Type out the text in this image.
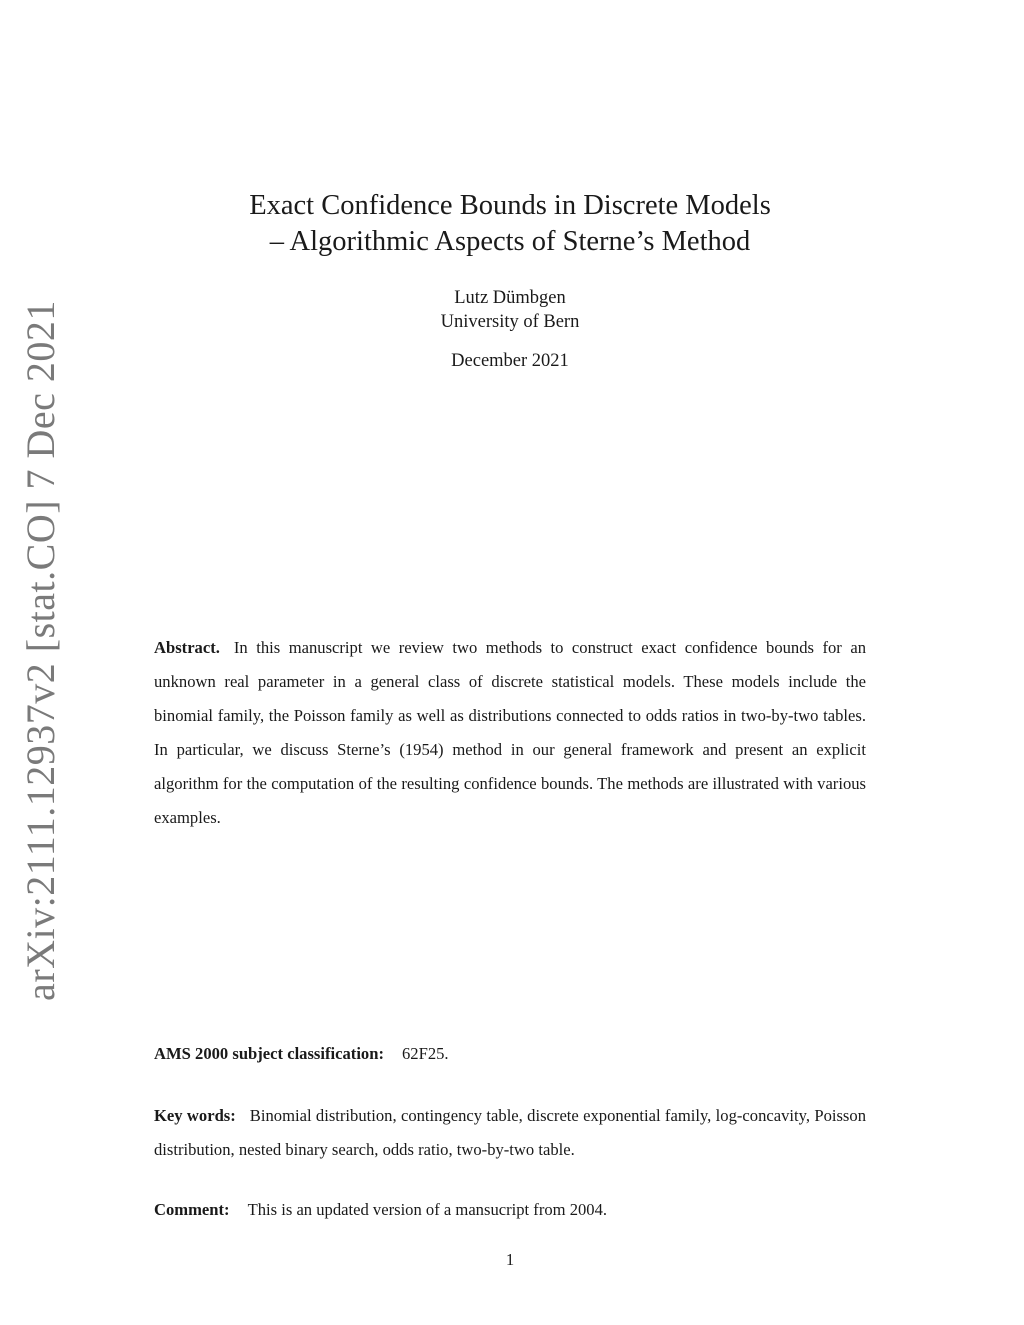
arXiv:2111.12937v2 [stat.CO] 7 Dec 2021
Exact Confidence Bounds in Discrete Models
– Algorithmic Aspects of Sterne’s Method
Lutz Dümbgen
University of Bern
December 2021
Abstract. In this manuscript we review two methods to construct exact confidence bounds for an unknown real parameter in a general class of discrete statistical models. These models include the binomial family, the Poisson family as well as distributions connected to odds ratios in two-by-two tables. In particular, we discuss Sterne’s (1954) method in our general framework and present an explicit algorithm for the computation of the resulting confidence bounds. The methods are illustrated with various examples.
AMS 2000 subject classification: 62F25.
Key words: Binomial distribution, contingency table, discrete exponential family, log-concavity, Poisson distribution, nested binary search, odds ratio, two-by-two table.
Comment: This is an updated version of a mansucript from 2004.
1
